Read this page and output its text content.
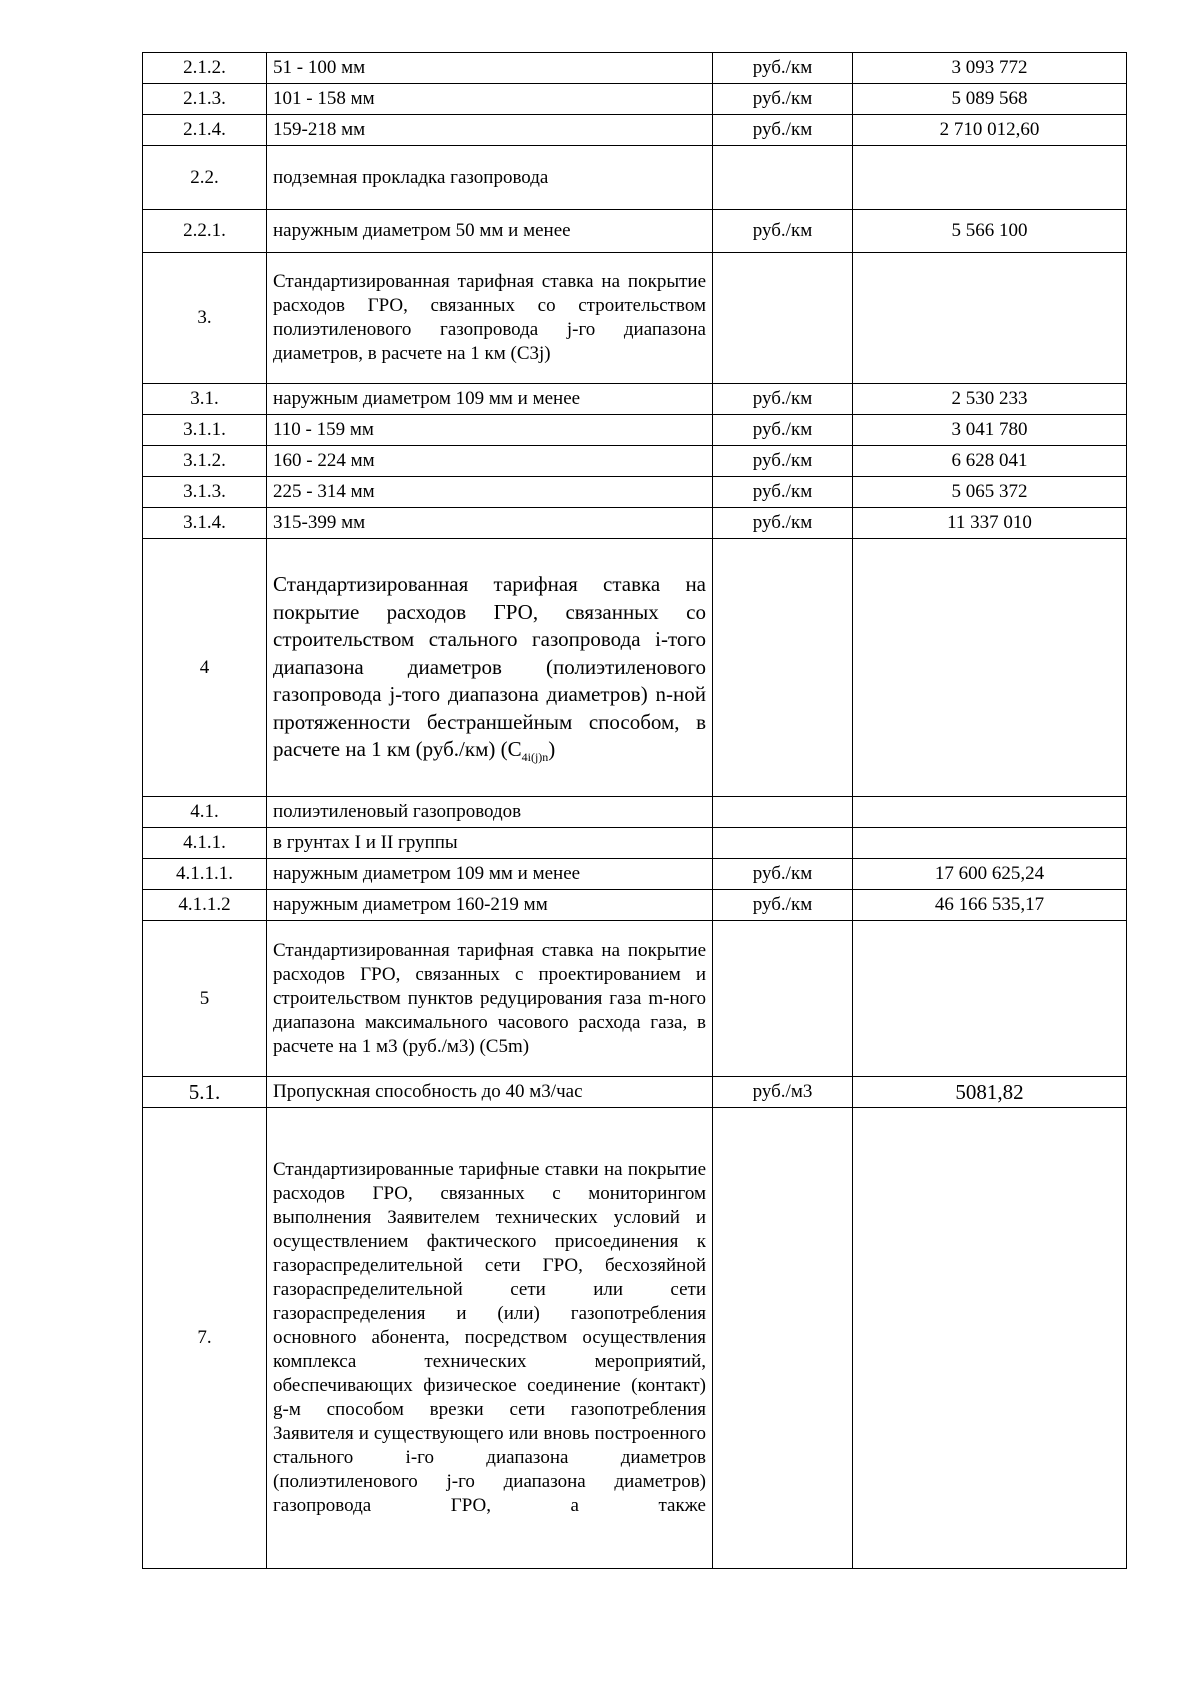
2.1.2.	51 - 100 мм	руб./км	3 093 772
2.1.3.	101 - 158 мм	руб./км	5 089 568
2.1.4.	159-218 мм	руб./км	2 710 012,60
2.2.	подземная прокладка газопровода		
2.2.1.	наружным диаметром 50 мм и менее	руб./км	5 566 100
3.	Стандартизированная тарифная ставка на покрытие расходов ГРО, связанных со строительством полиэтиленового газопровода j-го диапазона диаметров, в расчете на 1 км (С3j)		

3.1.	наружным диаметром 109 мм и менее	руб./км	2 530 233
3.1.1.	110 - 159 мм	руб./км	3 041 780
3.1.2.	160 - 224 мм	руб./км	6 628 041
3.1.3.	225 - 314 мм	руб./км	5 065 372
3.1.4.	315-399 мм	руб./км	11 337 010
4	Стандартизированная тарифная ставка на покрытие расходов ГРО, связанных со строительством стального газопровода i-того диапазона диаметров (полиэтиленового газопровода j-того диапазона диаметров) n-ной протяженности бестраншейным способом, в расчете на 1 км (руб./км) $(С_{4i(j)n})$		

4.1.	полиэтиленовый газопроводов		
4.1.1.	в грунтах I и II группы		
4.1.1.1.	наружным диаметром 109 мм и менее	руб./км	17 600 625,24
4.1.1.2	наружным диаметром 160-219 мм	руб./км	46 166 535,17
5	Стандартизированная тарифная ставка на покрытие расходов ГРО, связанных с проектированием и строительством пунктов редуцирования газа m-ного диапазона максимального часового расхода газа, в расчете на 1 м3 (руб./м3) (С5m)		

5.1.	Пропускная способность до 40 м3/час	руб./м3	5081,82
7.	Стандартизированные тарифные ставки на покрытие расходов ГРО, связанных с мониторингом выполнения Заявителем технических условий и осуществлением фактического присоединения к газораспределительной сети ГРО, бесхозяйной газораспределительной сети или сети газораспределения и (или) газопотребления основного абонента, посредством осуществления комплекса технических мероприятий, обеспечивающих физическое соединение (контакт) g-м способом врезки сети газопотребления Заявителя и существующего или вновь построенного стального i-го диапазона диаметров (полиэтиленового j-го диапазона диаметров) газопровода ГРО, а также		
